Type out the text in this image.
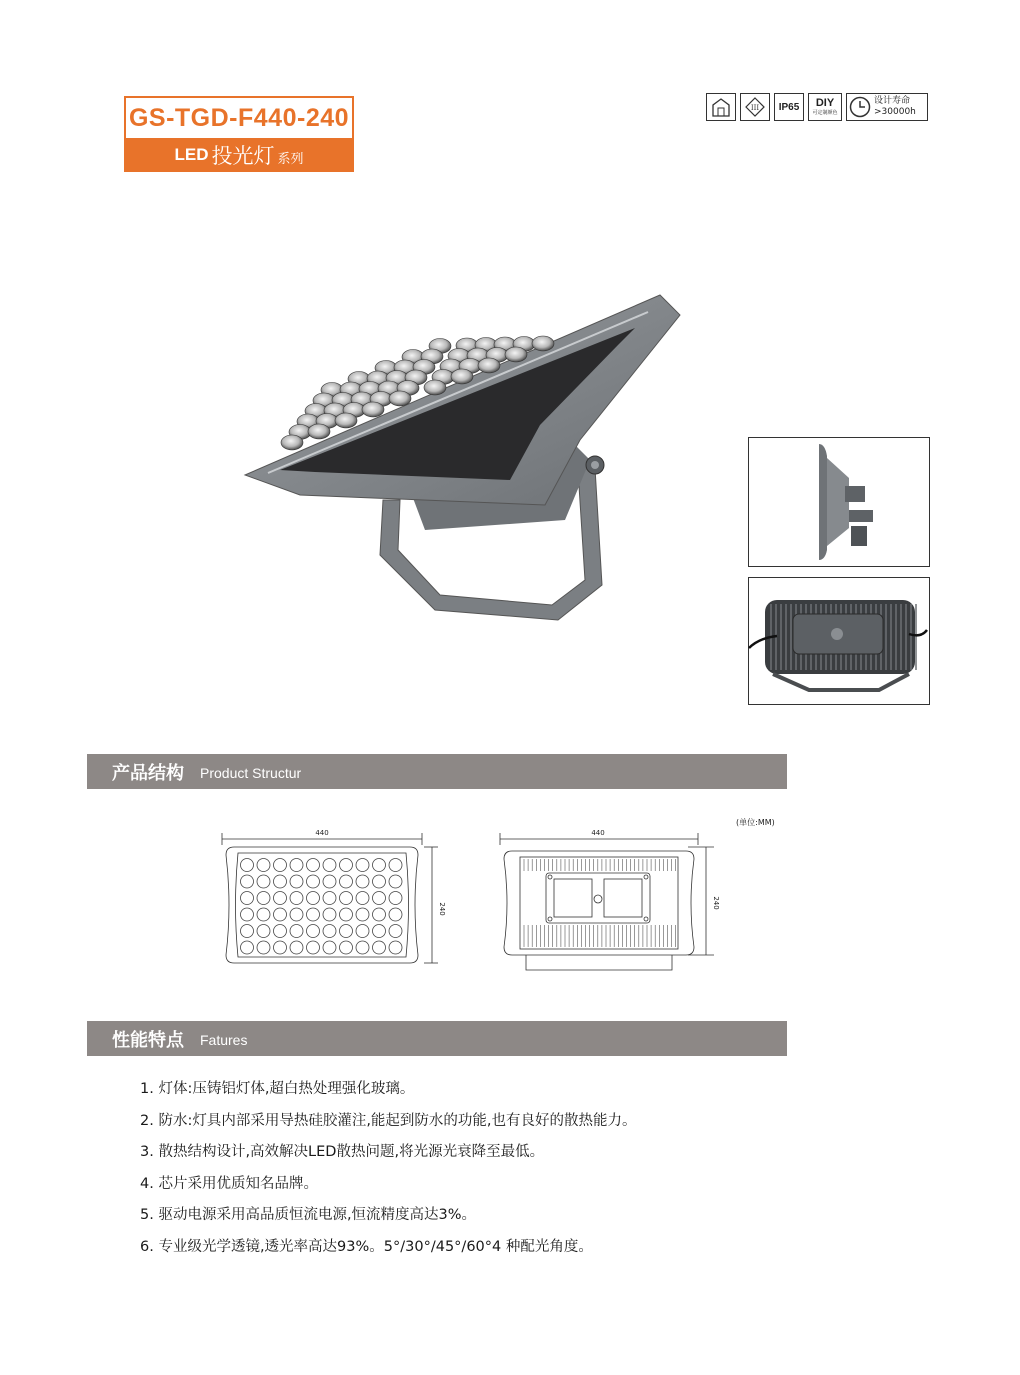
GS-TGD-F440-240
LED 投光灯 系列
III	IP65	DIY
可定制颜色
设计寿命
>30000h
产品结构 Product Structur
(单位:MM)
440
240
440
240
性能特点 Fatures
1. 灯体:压铸铝灯体,超白热处理强化玻璃。
2. 防水:灯具内部采用导热硅胶灌注,能起到防水的功能,也有良好的散热能力。
3. 散热结构设计,高效解决LED散热问题,将光源光衰降至最低。
4. 芯片采用优质知名品牌。
5. 驱动电源采用高品质恒流电源,恒流精度高达3%。
6. 专业级光学透镜,透光率高达93%。5°/30°/45°/60°4 种配光角度。
